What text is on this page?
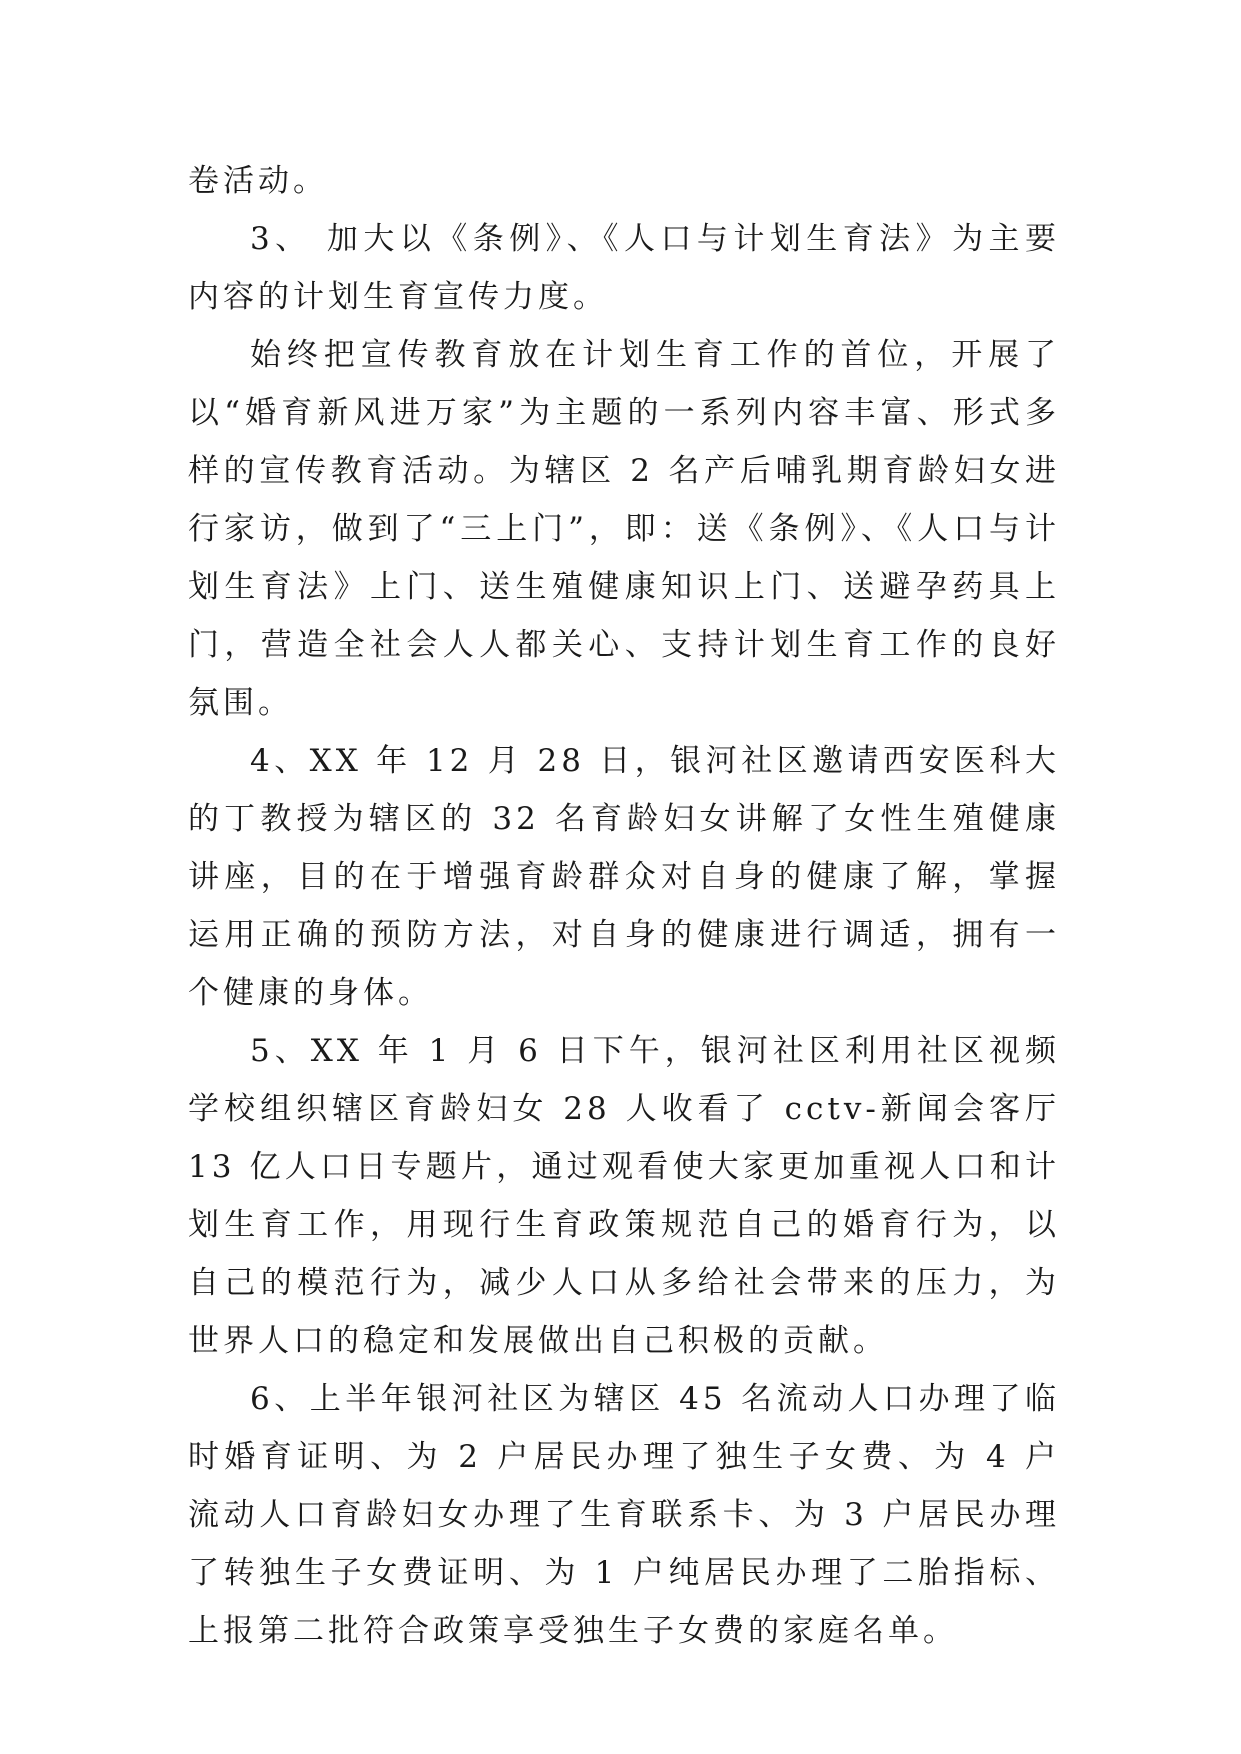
卷活动。

3、 加大以《条例》、《人口与计划生育法》为主要内容的计划生育宣传力度。

始终把宣传教育放在计划生育工作的首位，开展了以“婚育新风进万家”为主题的一系列内容丰富、形式多样的宣传教育活动。为辖区 2 名产后哺乳期育龄妇女进行家访，做到了“三上门”，即：送《条例》、《人口与计划生育法》上门、送生殖健康知识上门、送避孕药具上门，营造全社会人人都关心、支持计划生育工作的良好氛围。

4、XX 年 12 月 28 日，银河社区邀请西安医科大的丁教授为辖区的 32 名育龄妇女讲解了女性生殖健康讲座，目的在于增强育龄群众对自身的健康了解，掌握运用正确的预防方法，对自身的健康进行调适，拥有一个健康的身体。

5、XX 年 1 月 6 日下午，银河社区利用社区视频学校组织辖区育龄妇女 28 人收看了 cctv-新闻会客厅 13 亿人口日专题片，通过观看使大家更加重视人口和计划生育工作，用现行生育政策规范自己的婚育行为，以自己的模范行为，减少人口从多给社会带来的压力，为世界人口的稳定和发展做出自己积极的贡献。

6、上半年银河社区为辖区 45 名流动人口办理了临时婚育证明、为 2 户居民办理了独生子女费、为 4 户流动人口育龄妇女办理了生育联系卡、为 3 户居民办理了转独生子女费证明、为 1 户纯居民办理了二胎指标、上报第二批符合政策享受独生子女费的家庭名单。
